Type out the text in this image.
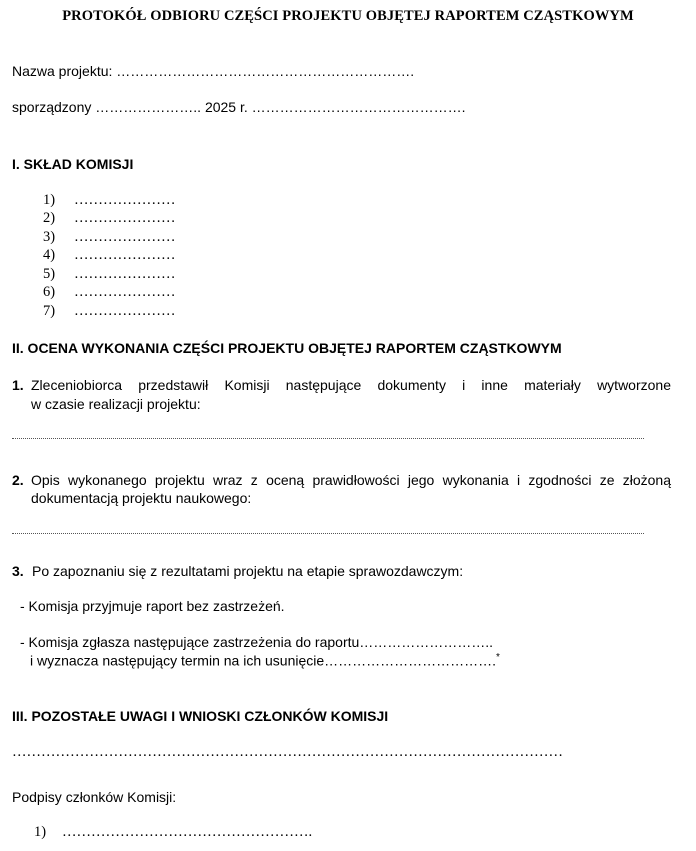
PROTOKÓŁ ODBIORU CZĘŚCI PROJEKTU OBJĘTEJ RAPORTEM CZĄSTKOWYM
Nazwa projektu: ……………………………………………………….
sporządzony ………………….. 2025 r. ……………………………………….
I. SKŁAD KOMISJI
1) …………………
2) …………………
3) …………………
4) …………………
5) …………………
6) …………………
7) …………………
II. OCENA WYKONANIA CZĘŚCI PROJEKTU OBJĘTEJ RAPORTEM CZĄSTKOWYM
1. Zleceniobiorca przedstawił Komisji następujące dokumenty i inne materiały wytworzone
w czasie realizacji projektu:
2. Opis wykonanego projektu wraz z oceną prawidłowości jego wykonania i zgodności ze złożoną
dokumentacją projektu naukowego:
3. Po zapoznaniu się z rezultatami projektu na etapie sprawozdawczym:
- Komisja przyjmuje raport bez zastrzeżeń.
- Komisja zgłasza następujące zastrzeżenia do raportu………………………..
i wyznacza następujący termin na ich usunięcie……………………………….*
III. POZOSTAŁE UWAGI I WNIOSKI CZŁONKÓW KOMISJI
……………………………………………………………………………………………………
Podpisy członków Komisji:
1) …………………………………………….
